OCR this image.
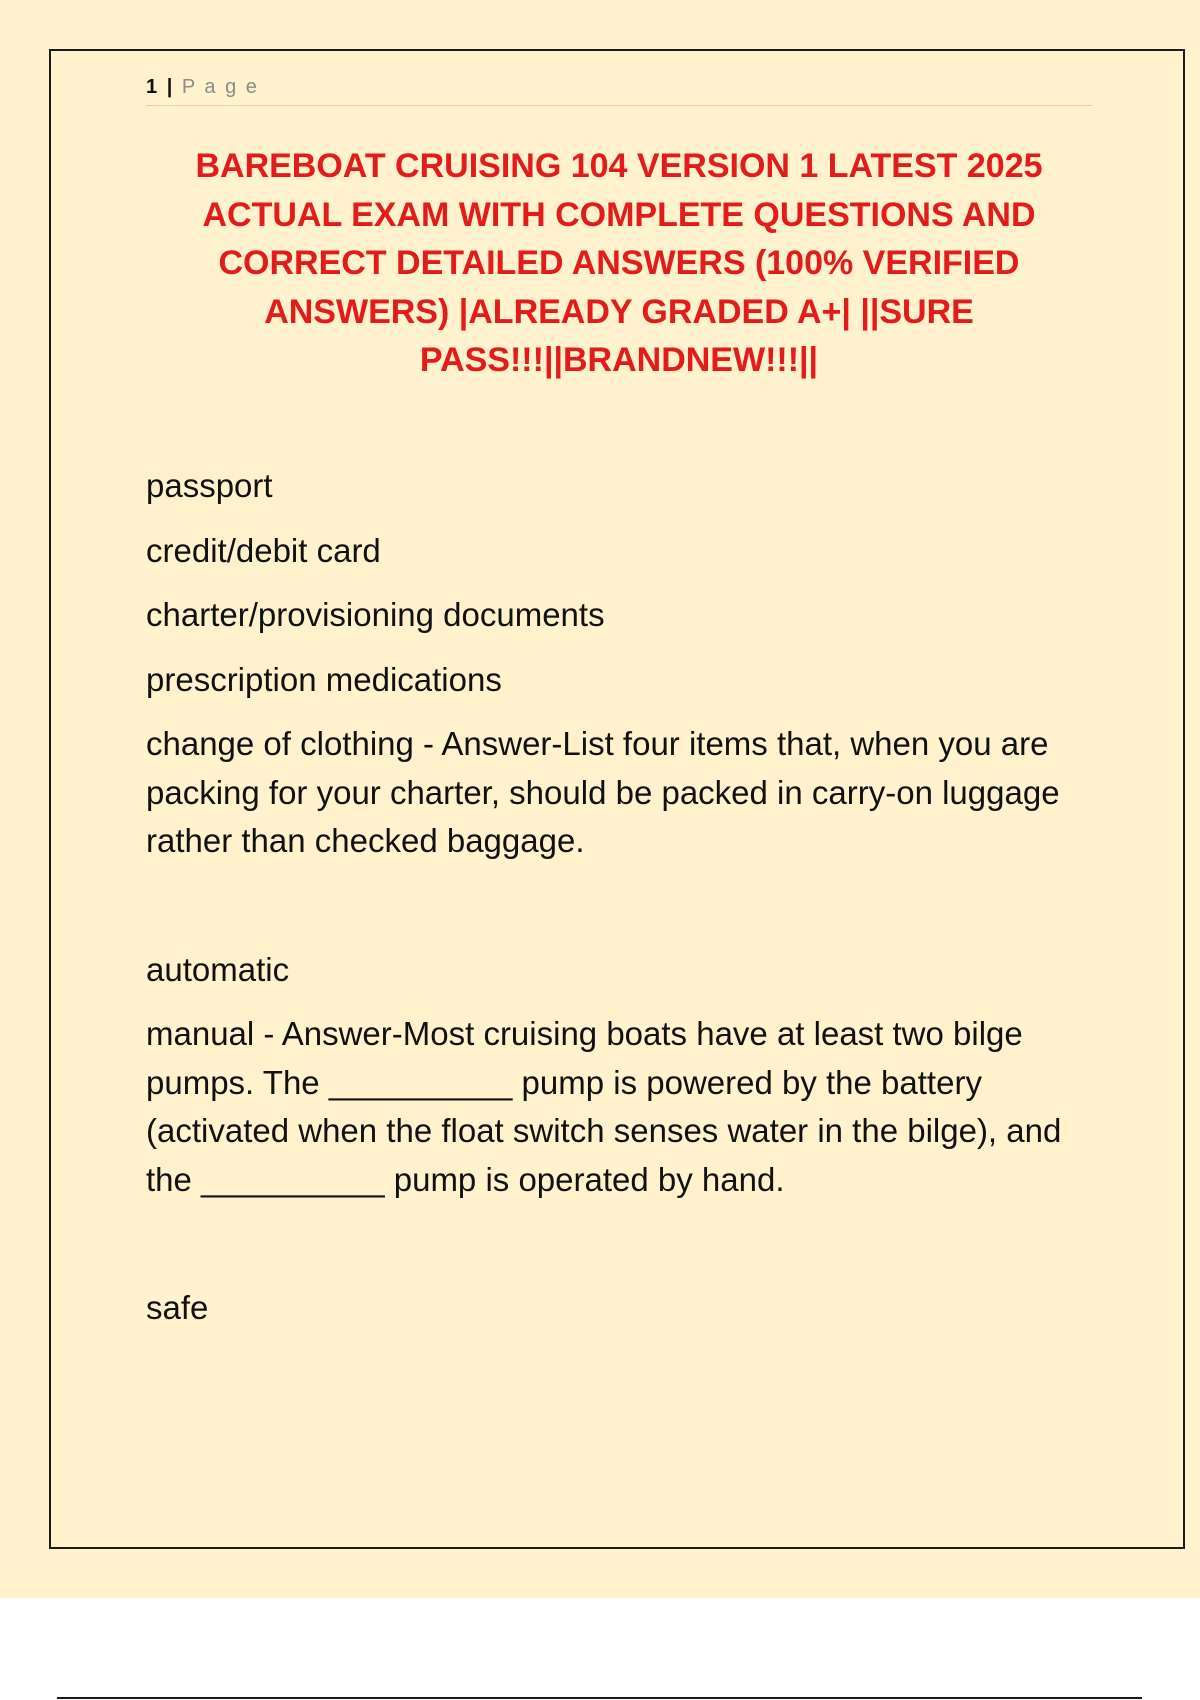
1 | P a g e
BAREBOAT CRUISING 104 VERSION 1 LATEST 2025 ACTUAL EXAM WITH COMPLETE QUESTIONS AND CORRECT DETAILED ANSWERS (100% VERIFIED ANSWERS) |ALREADY GRADED A+| ||SURE PASS!!!||BRANDNEW!!!||

passport

credit/debit card

charter/provisioning documents

prescription medications

change of clothing - Answer-List four items that, when you are packing for your charter, should be packed in carry-on luggage rather than checked baggage.

automatic

manual - Answer-Most cruising boats have at least two bilge pumps. The __________ pump is powered by the battery (activated when the float switch senses water in the bilge), and the __________ pump is operated by hand.

safe
